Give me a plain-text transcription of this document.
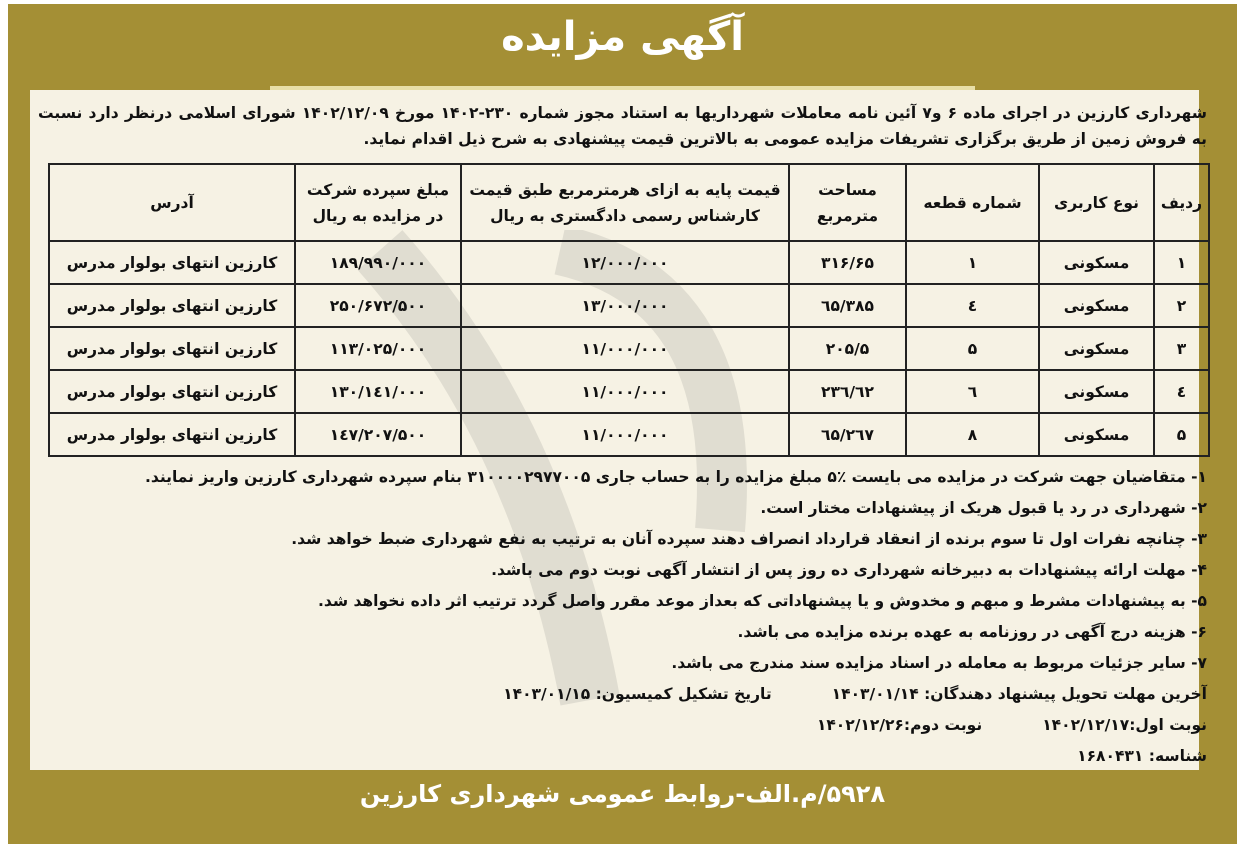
آگهی مزایده
شهرداری کارزین در اجرای ماده ۶ و۷ آئین نامه معاملات شهرداریها به استناد مجوز شماره ۲۳۰-۱۴۰۲ مورخ ۱۴۰۲/۱۲/۰۹ شورای اسلامی درنظر دارد نسبت به فروش زمین از طریق برگزاری تشریفات مزایده عمومی به بالاترین قیمت پیشنهادی به شرح ذیل اقدام نماید.
ردیف	نوع کاربری	شماره قطعه	مساحت مترمربع	قیمت پایه به ازای هرمترمربع طبق قیمت کارشناس رسمی دادگستری به ریال	مبلغ سپرده شرکت در مزایده به ریال	آدرس
۱	مسکونی	۱	۳۱۶/۶۵	۱۲/۰۰۰/۰۰۰	۱۸۹/۹۹۰/۰۰۰	کارزین انتهای بولوار مدرس
۲	مسکونی	٤	۳۸۵/٦۵	۱۳/۰۰۰/۰۰۰	۲۵۰/۶۷۲/۵۰۰	کارزین انتهای بولوار مدرس
۳	مسکونی	۵	۲۰۵/۵	۱۱/۰۰۰/۰۰۰	۱۱۳/۰۲۵/۰۰۰	کارزین انتهای بولوار مدرس
٤	مسکونی	٦	۲۳٦/٦۲	۱۱/۰۰۰/۰۰۰	۱۳۰/۱٤۱/۰۰۰	کارزین انتهای بولوار مدرس
۵	مسکونی	۸	۲٦۷/٦۵	۱۱/۰۰۰/۰۰۰	۱٤۷/۲۰۷/۵۰۰	کارزین انتهای بولوار مدرس
۱- متقاضیان جهت شرکت در مزایده می بایست ٪۵ مبلغ مزایده را به حساب جاری ۳۱۰۰۰۰۲۹۷۷۰۰۵ بنام سپرده شهرداری کارزین واریز نمایند.
۲- شهرداری در رد یا قبول هریک از پیشنهادات مختار است.
۳- چنانچه نفرات اول تا سوم برنده از انعقاد قرارداد انصراف دهند سپرده آنان به ترتیب به نفع شهرداری ضبط خواهد شد.
۴- مهلت ارائه پیشنهادات به دبیرخانه شهرداری ده روز پس از انتشار آگهی نوبت دوم می باشد.
۵- به پیشنهادات مشرط و مبهم و مخدوش و یا پیشنهاداتی که بعداز موعد مقرر واصل گردد ترتیب اثر داده نخواهد شد.
۶- هزینه درج آگهی در روزنامه به عهده برنده مزایده می باشد.
۷- سایر جزئیات مربوط به معامله در اسناد مزایده سند مندرج می باشد.
آخرین مهلت تحویل پیشنهاد دهندگان: ۱۴۰۳/۰۱/۱۴
تاریخ تشکیل کمیسیون: ۱۴۰۳/۰۱/۱۵
نوبت اول:۱۴۰۲/۱۲/۱۷
نوبت دوم:۱۴۰۲/۱۲/۲۶
شناسه: ۱۶۸۰۴۳۱
۵۹۲۸/م.الف-روابط عمومی شهرداری کارزین
